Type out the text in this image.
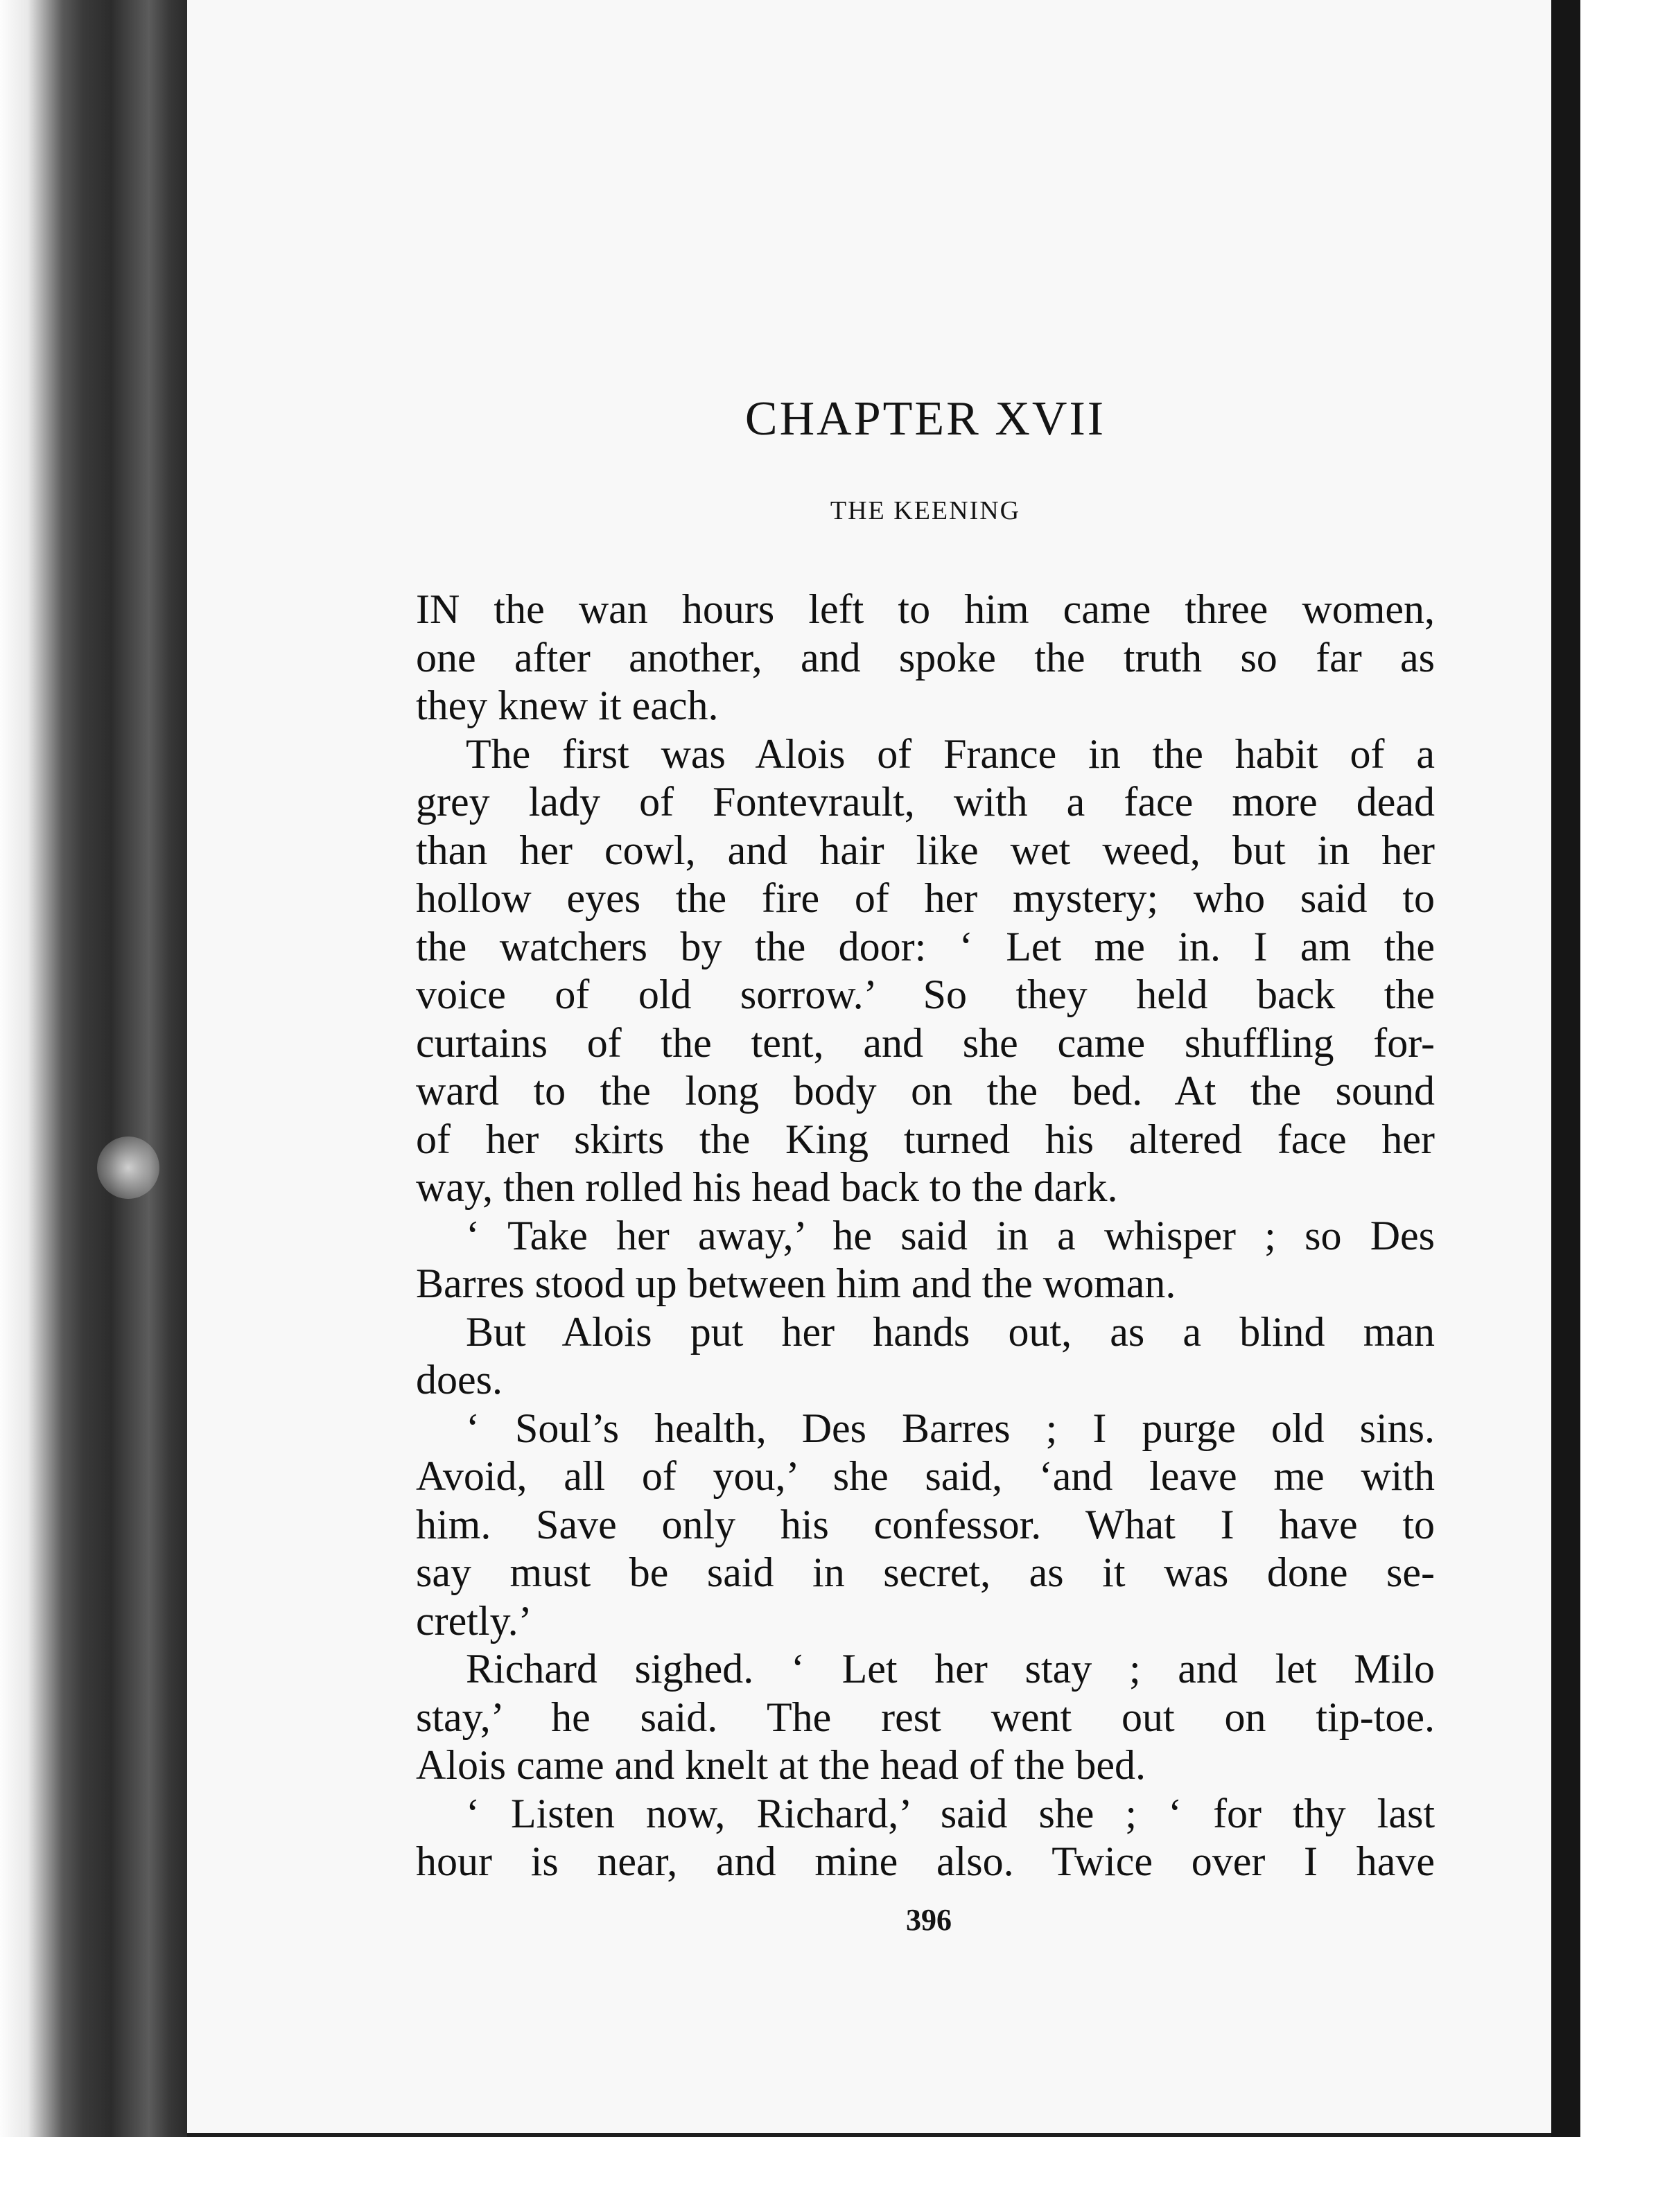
CHAPTER XVII
THE KEENING
IN the wan hours left to him came three women,
one after another, and spoke the truth so far as
they knew it each.
The first was Alois of France in the habit of a
grey lady of Fontevrault, with a face more dead
than her cowl, and hair like wet weed, but in her
hollow eyes the fire of her mystery; who said to
the watchers by the door: ‘ Let me in. I am the
voice of old sorrow.’ So they held back the
curtains of the tent, and she came shuffling for-
ward to the long body on the bed. At the sound
of her skirts the King turned his altered face her
way, then rolled his head back to the dark.
‘ Take her away,’ he said in a whisper ; so Des
Barres stood up between him and the woman.
But Alois put her hands out, as a blind man
does.
‘ Soul’s health, Des Barres ; I purge old sins.
Avoid, all of you,’ she said, ‘and leave me with
him. Save only his confessor. What I have to
say must be said in secret, as it was done se-
cretly.’
Richard sighed. ‘ Let her stay ; and let Milo
stay,’ he said. The rest went out on tip-toe.
Alois came and knelt at the head of the bed.
‘ Listen now, Richard,’ said she ; ‘ for thy last
hour is near, and mine also. Twice over I have
396
